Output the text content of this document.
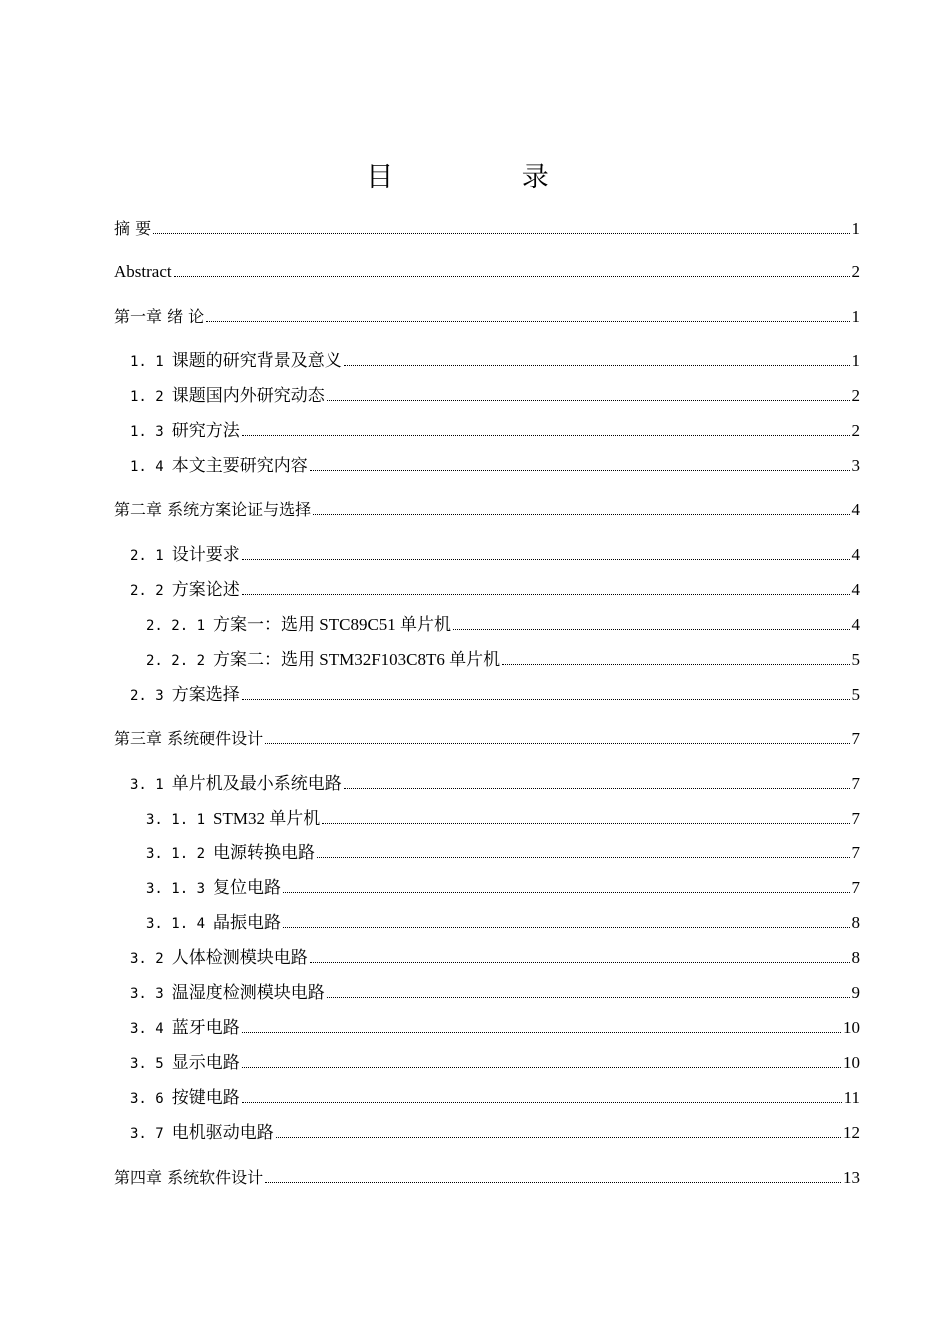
目 录
摘 要	1
Abstract	2
第一章 绪 论	1
1. 1 课题的研究背景及意义	1
1. 2 课题国内外研究动态	2
1. 3 研究方法	2
1. 4 本文主要研究内容	3
第二章 系统方案论证与选择	4
2. 1 设计要求	4
2. 2 方案论述	4
2. 2. 1 方案一：选用 STC89C51 单片机	4
2. 2. 2 方案二：选用 STM32F103C8T6 单片机	5
2. 3 方案选择	5
第三章 系统硬件设计	7
3. 1 单片机及最小系统电路	7
3. 1. 1 STM32 单片机	7
3. 1. 2 电源转换电路	7
3. 1. 3 复位电路	7
3. 1. 4 晶振电路	8
3. 2 人体检测模块电路	8
3. 3 温湿度检测模块电路	9
3. 4 蓝牙电路	10
3. 5 显示电路	10
3. 6 按键电路	11
3. 7 电机驱动电路	12
第四章 系统软件设计	13
